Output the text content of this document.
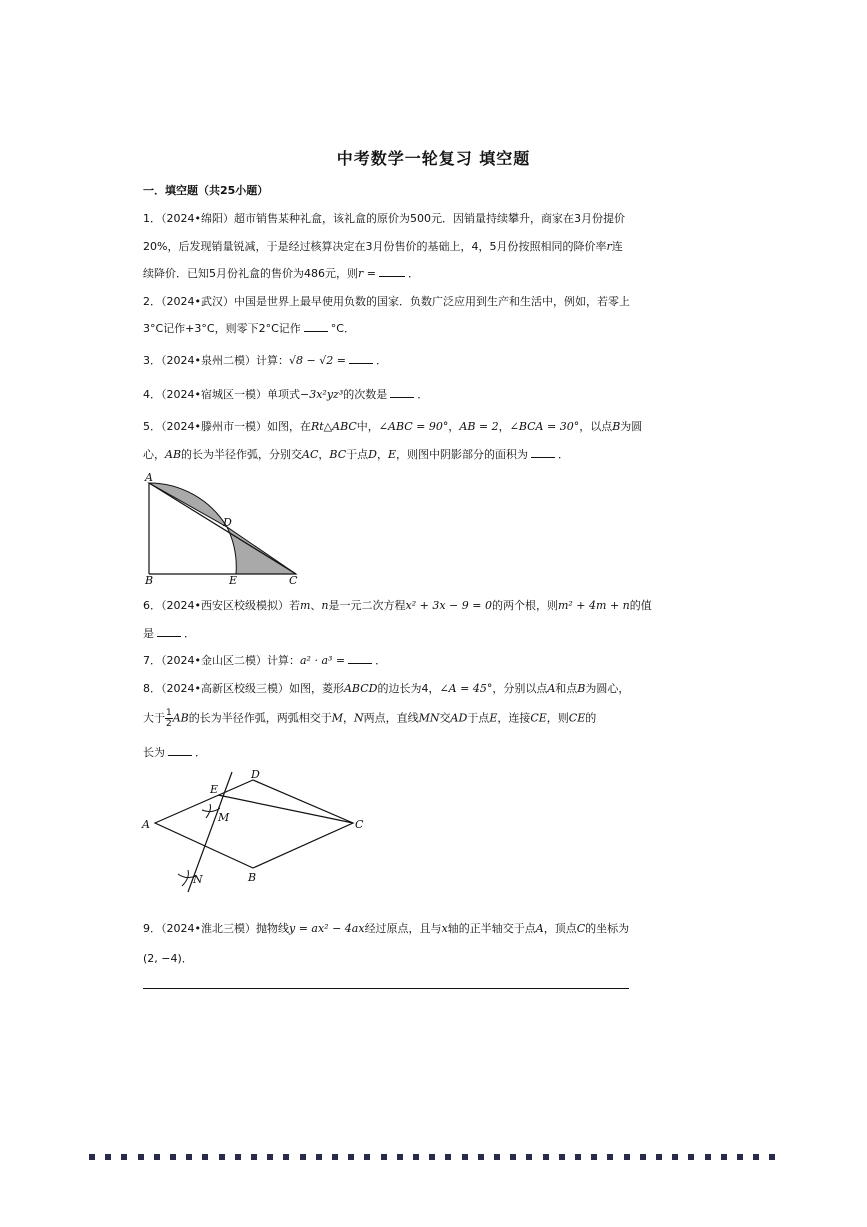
中考数学一轮复习 填空题
一．填空题（共25小题）
1．（2024•绵阳）超市销售某种礼盒，该礼盒的原价为500元．因销量持续攀升，商家在3月份提价
20%，后发现销量锐减，于是经过核算决定在3月份售价的基础上，4，5月份按照相同的降价率r连
续降价．已知5月份礼盒的售价为486元，则r =	．
2．（2024•武汉）中国是世界上最早使用负数的国家．负数广泛应用到生产和生活中，例如，若零上
3°C记作+3°C，则零下2°C记作	°C．
3．（2024•泉州二模）计算：√8 − √2 =	．
4．（2024•宿城区一模）单项式−3x²yz³的次数是	．
5．（2024•滕州市一模）如图，在Rt△ABC中，∠ABC = 90°，AB = 2，∠BCA = 30°，以点B为圆
心，AB的长为半径作弧，分别交AC，BC于点D，E，则图中阴影部分的面积为	．
A
D
B	E	C
6．（2024•西安区校级模拟）若m、n是一元二次方程x² + 3x − 9 = 0的两个根，则m² + 4m + n的值
是	．
7．（2024•金山区二模）计算：a² · a³ =	．
8．（2024•高新区校级三模）如图，菱形ABCD的边长为4，∠A = 45°，分别以点A和点B为圆心，
大于 $\frac{1}{2}$ AB的长为半径作弧，两弧相交于M，N两点，直线MN交AD于点E，连接CE，则CE的
长为	．
A
E
D
M
C
B
N
9．（2024•淮北三模）抛物线y = ax² − 4ax经过原点，且与x轴的正半轴交于点A，顶点C的坐标为
(2, −4)．
